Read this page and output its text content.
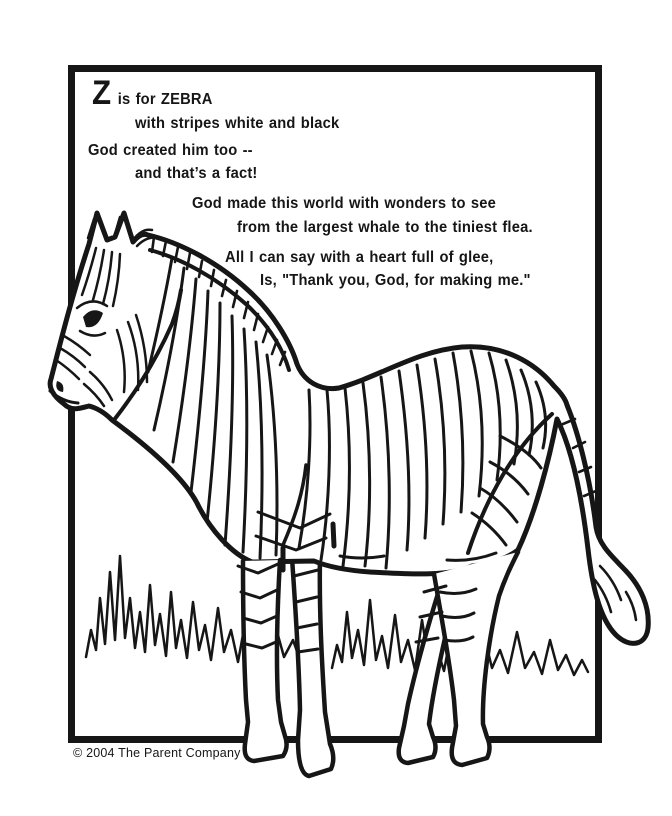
Zis for ZEBRA
with stripes white and black
God created him too --
and that’s a fact!
God made this world with wonders to see
from the largest whale to the tiniest flea.
All I can say with a heart full of glee,
Is, "Thank you, God, for making me."
© 2004 The Parent Company
